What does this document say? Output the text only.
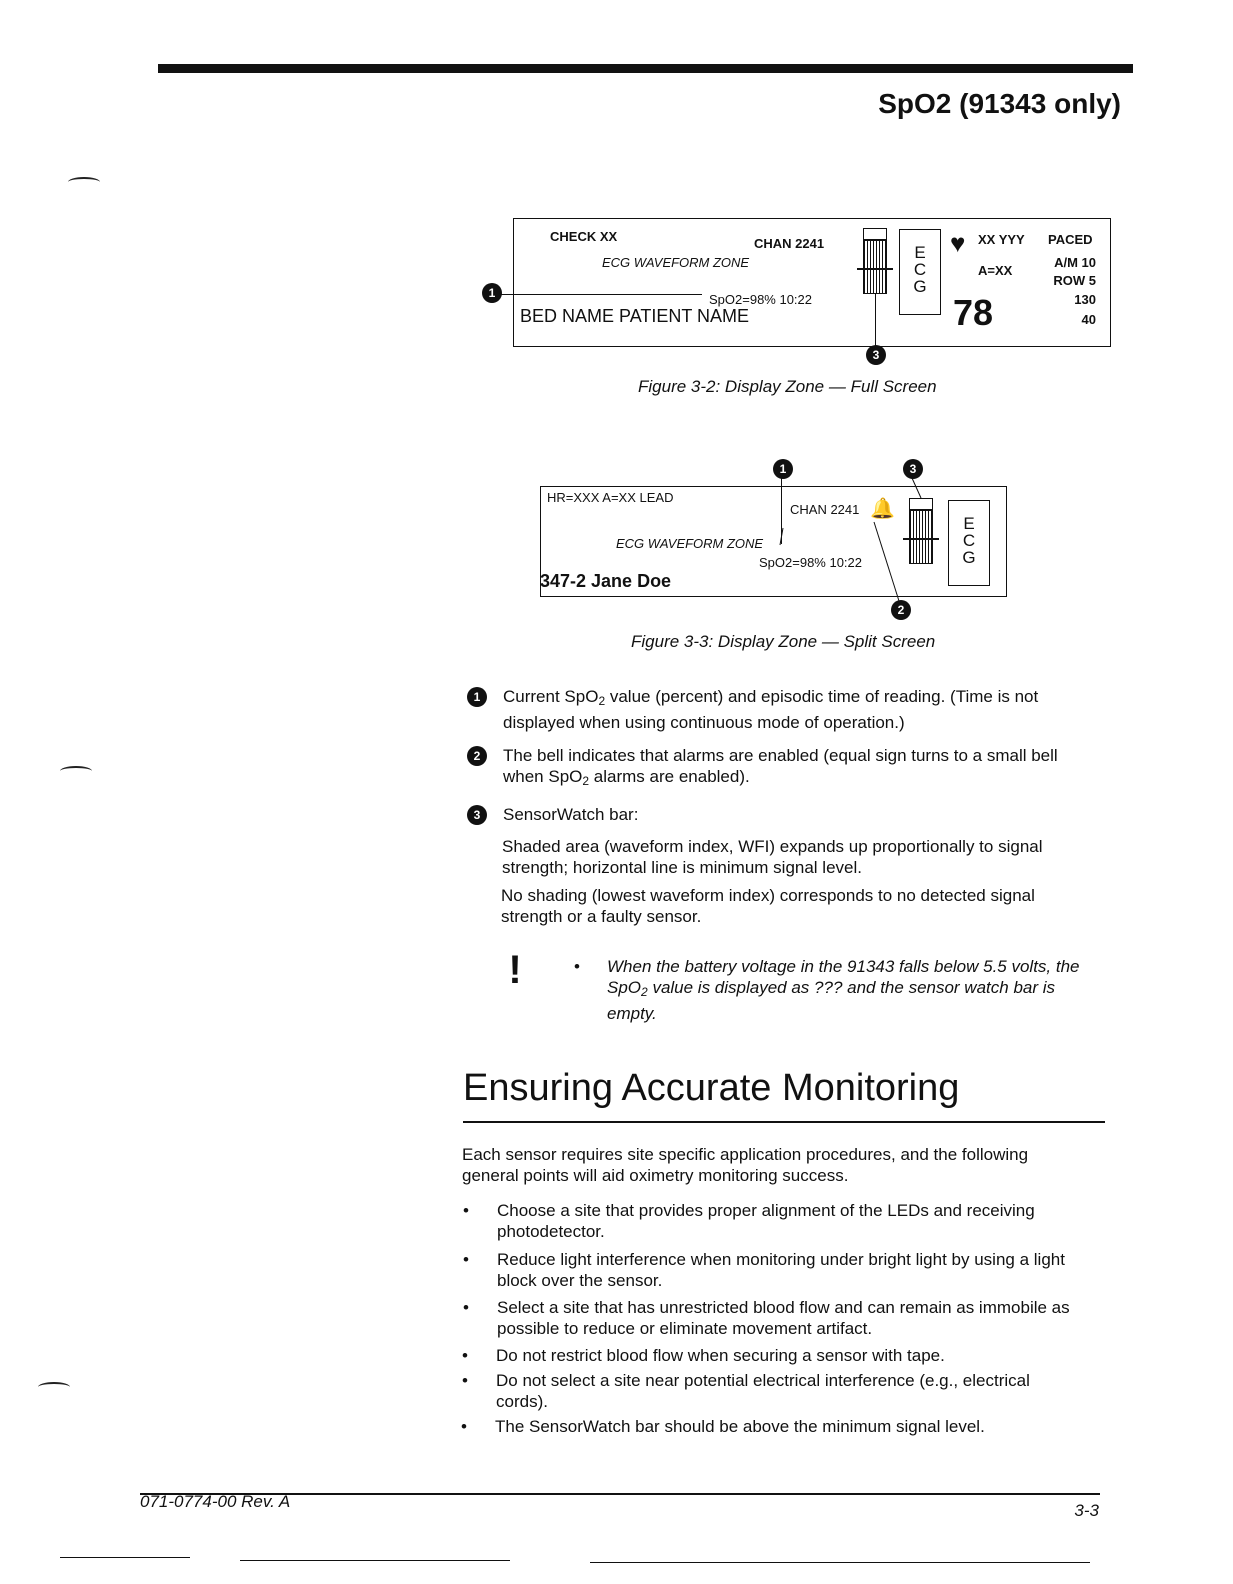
SpO2 (91343 only)
CHECK XX	CHAN 2241
ECG WAVEFORM ZONE
SpO2=98% 10:22
BED NAME PATIENT NAME
E
C
G
♥ XX YYY
A=XX
78
PACED
A/M 10
ROW 5
130
40
1
3
Figure 3-2: Display Zone — Full Screen
HR=XXX A=XX LEAD
CHAN 2241 🔔
ECG WAVEFORM ZONE
SpO2=98% 10:22
347-2 Jane Doe
E
C
G
1	3
2
Figure 3-3: Display Zone — Split Screen
1	Current SpO$_2$ value (percent) and episodic time of reading. (Time is not displayed when using continuous mode of operation.)
2	The bell indicates that alarms are enabled (equal sign turns to a small bell when SpO$_2$ alarms are enabled).
3	SensorWatch bar:
Shaded area (waveform index, WFI) expands up proportionally to signal strength; horizontal line is minimum signal level.
No shading (lowest waveform index) corresponds to no detected signal strength or a faulty sensor.
!	• When the battery voltage in the 91343 falls below 5.5 volts, the
SpO$_2$ value is displayed as ??? and the sensor watch bar is
empty.
Ensuring Accurate Monitoring
Each sensor requires site specific application procedures, and the following general points will aid oximetry monitoring success.
• Choose a site that provides proper alignment of the LEDs and receiving photodetector.
• Reduce light interference when monitoring under bright light by using a light block over the sensor.
• Select a site that has unrestricted blood flow and can remain as immobile as possible to reduce or eliminate movement artifact.
• Do not restrict blood flow when securing a sensor with tape.
• Do not select a site near potential electrical interference (e.g., electrical cords).
• The SensorWatch bar should be above the minimum signal level.
071-0774-00 Rev. A	3-3
